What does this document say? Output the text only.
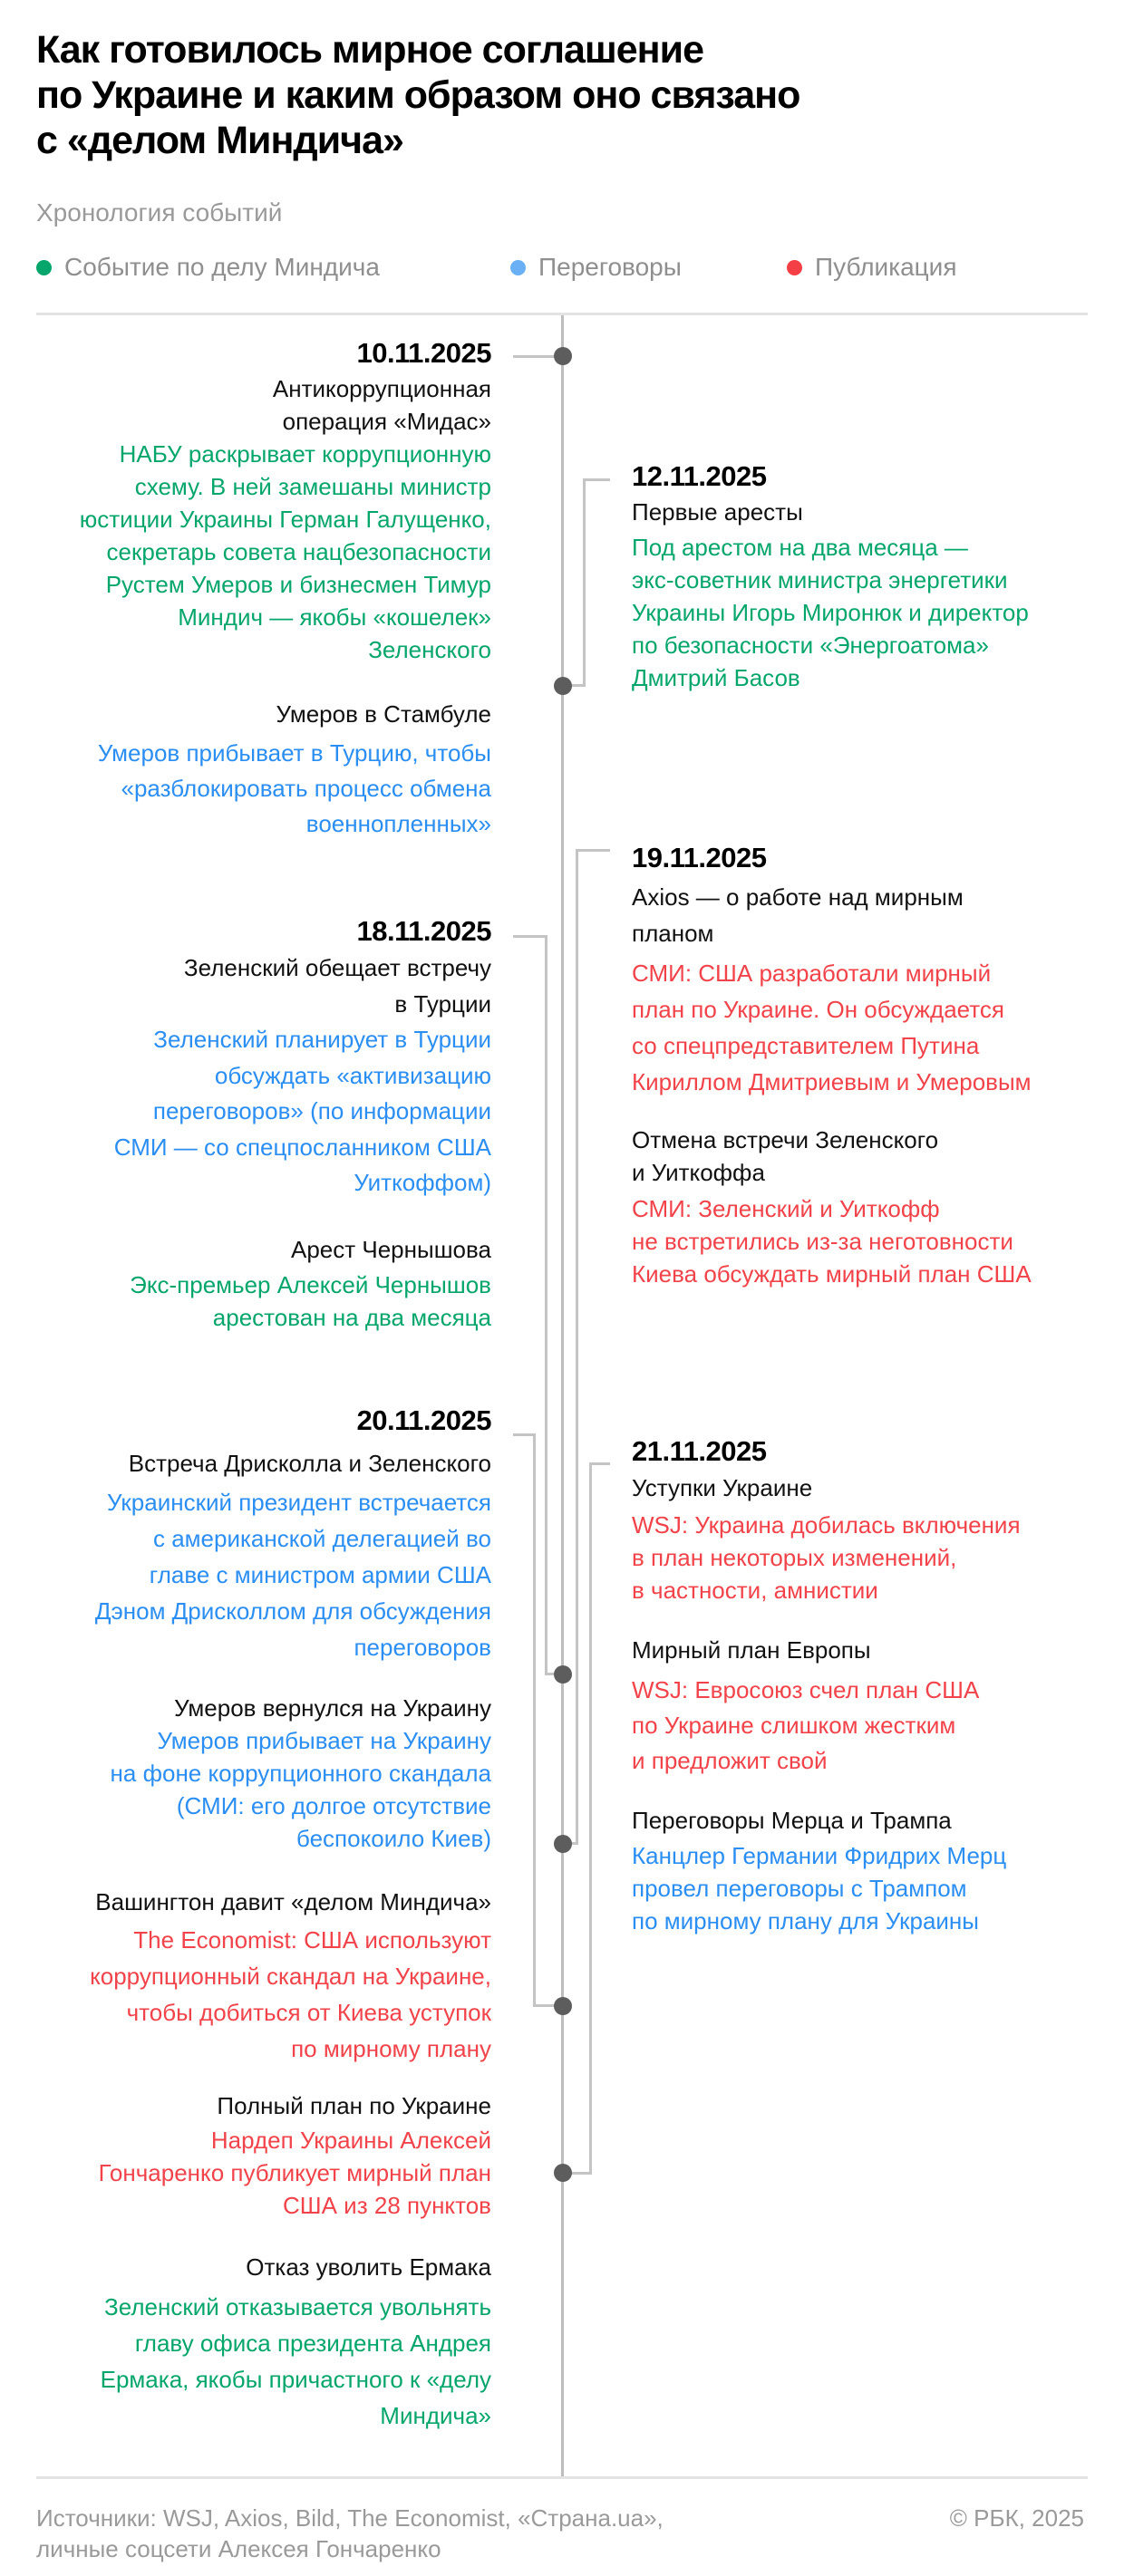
Как готовилось мирное соглашение
по Украине и каким образом оно связано
с «делом Миндича»
Хронология событий
Событие по делу Миндича	Переговоры	Публикация
10.11.2025
Антикоррупционная
операция «Мидас»
НАБУ раскрывает коррупционную
схему. В ней замешаны министр
юстиции Украины Герман Галущенко,
секретарь совета нацбезопасности
Рустем Умеров и бизнесмен Тимур
Миндич — якобы «кошелек»
Зеленского
Умеров в Стамбуле
Умеров прибывает в Турцию, чтобы
«разблокировать процесс обмена
военнопленных»
18.11.2025
Зеленский обещает встречу
в Турции
Зеленский планирует в Турции
обсуждать «активизацию
переговоров» (по информации
СМИ — со спецпосланником США
Уиткоффом)
Арест Чернышова
Экс-премьер Алексей Чернышов
арестован на два месяца
20.11.2025
Встреча Дрисколла и Зеленского
Украинский президент встречается
с американской делегацией во
главе с министром армии США
Дэном Дрисколлом для обсуждения
переговоров
Умеров вернулся на Украину
Умеров прибывает на Украину
на фоне коррупционного скандала
(СМИ: его долгое отсутствие
беспокоило Киев)
Вашингтон давит «делом Миндича»
The Economist: США используют
коррупционный скандал на Украине,
чтобы добиться от Киева уступок
по мирному плану
Полный план по Украине
Нардеп Украины Алексей
Гончаренко публикует мирный план
США из 28 пунктов
Отказ уволить Ермака
Зеленский отказывается увольнять
главу офиса президента Андрея
Ермака, якобы причастного к «делу
Миндича»
12.11.2025
Первые аресты
Под арестом на два месяца —
экс-советник министра энергетики
Украины Игорь Миронюк и директор
по безопасности «Энергоатома»
Дмитрий Басов
19.11.2025
Axios — о работе над мирным
планом
СМИ: США разработали мирный
план по Украине. Он обсуждается
со спецпредставителем Путина
Кириллом Дмитриевым и Умеровым
Отмена встречи Зеленского
и Уиткоффа
СМИ: Зеленский и Уиткофф
не встретились из-за неготовности
Киева обсуждать мирный план США
21.11.2025
Уступки Украине
WSJ: Украина добилась включения
в план некоторых изменений,
в частности, амнистии
Мирный план Европы
WSJ: Евросоюз счел план США
по Украине слишком жестким
и предложит свой
Переговоры Мерца и Трампа
Канцлер Германии Фридрих Мерц
провел переговоры с Трампом
по мирному плану для Украины
Источники: WSJ, Axios, Bild, The Economist, «Страна.ua»,
личные соцсети Алексея Гончаренко
© РБК, 2025
